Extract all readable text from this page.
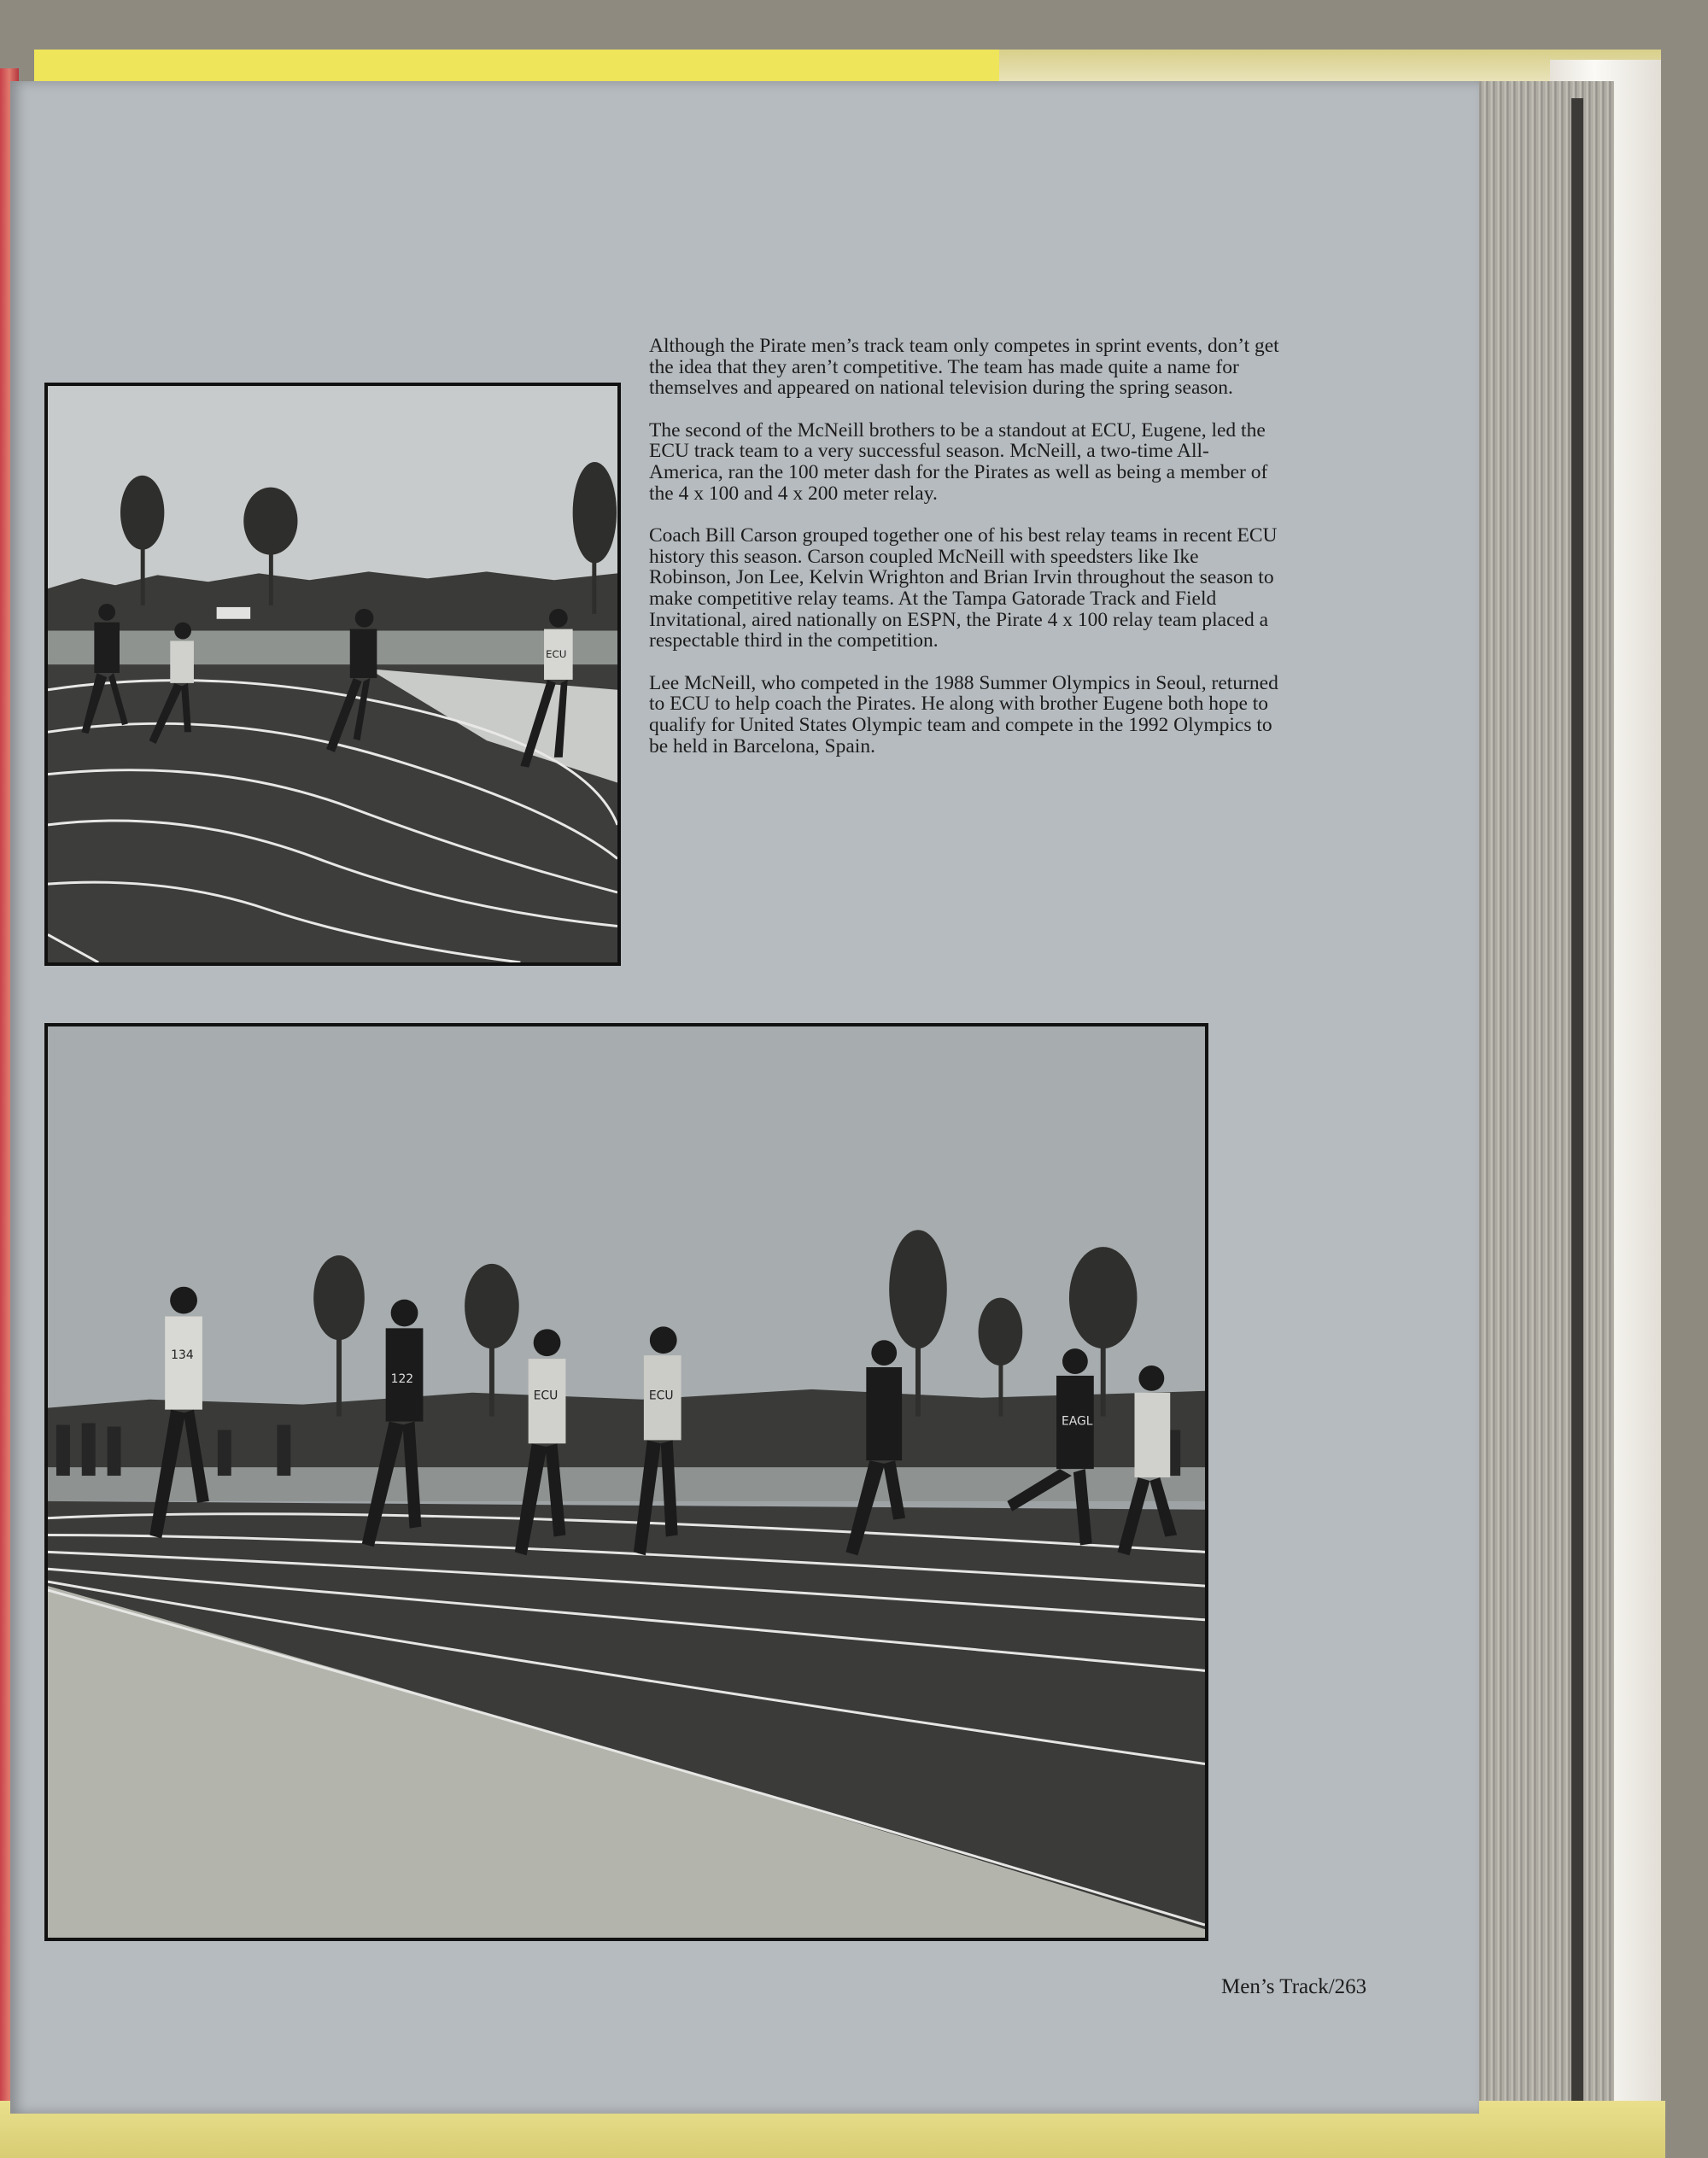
ECU

Although the Pirate men’s track team only competes in sprint events, don’t get the idea that they aren’t competitive. The team has made quite a name for themselves and appeared on national television during the spring season.

The second of the McNeill brothers to be a standout at ECU, Eugene, led the ECU track team to a very successful season. McNeill, a two-time All-America, ran the 100 meter dash for the Pirates as well as being a member of the 4 x 100 and 4 x 200 meter relay.

Coach Bill Carson grouped together one of his best relay teams in recent ECU history this season. Carson coupled McNeill with speedsters like Ike Robinson, Jon Lee, Kelvin Wrighton and Brian Irvin throughout the season to make competitive relay teams. At the Tampa Gatorade Track and Field Invitational, aired nationally on ESPN, the Pirate 4 x 100 relay team placed a respectable third in the competition.

Lee McNeill, who competed in the 1988 Summer Olympics in Seoul, returned to ECU to help coach the Pirates. He along with brother Eugene both hope to qualify for United States Olympic team and compete in the 1992 Olympics to be held in Barcelona, Spain.

134
122
ECU	ECU
EAGL
Men’s Track/263
